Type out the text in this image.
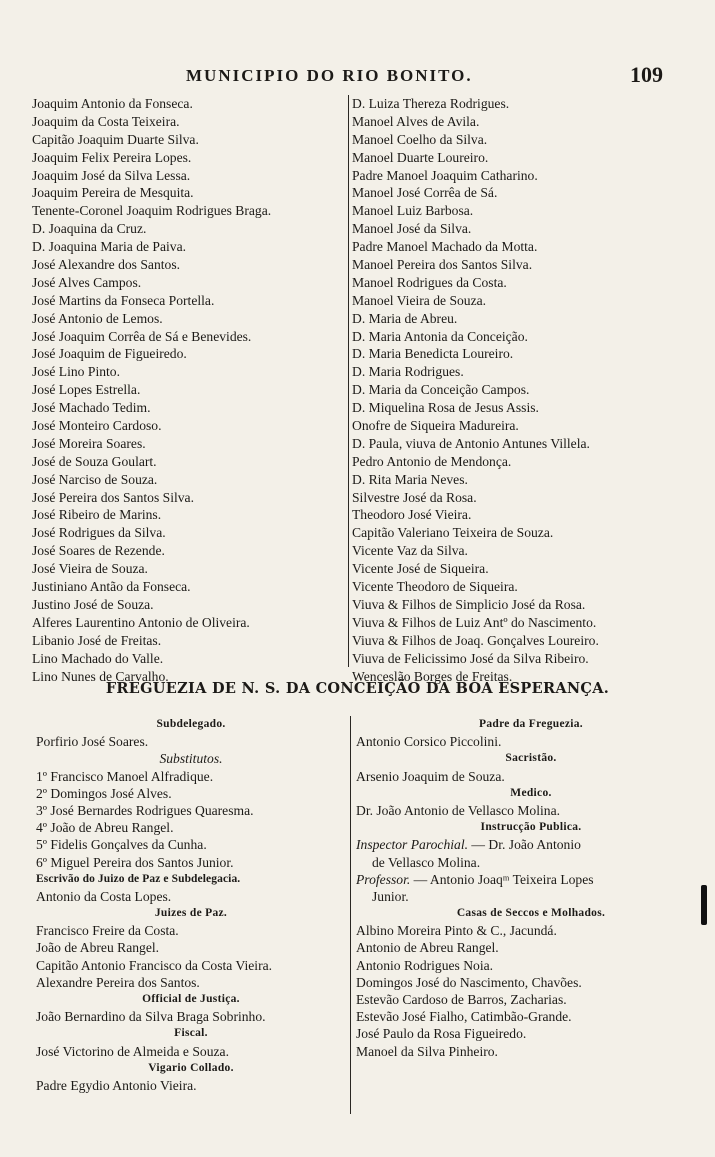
MUNICIPIO DO RIO BONITO.	109
Joaquim Antonio da Fonseca.
Joaquim da Costa Teixeira.
Capitão Joaquim Duarte Silva.
Joaquim Felix Pereira Lopes.
Joaquim José da Silva Lessa.
Joaquim Pereira de Mesquita.
Tenente-Coronel Joaquim Rodrigues Braga.
D. Joaquina da Cruz.
D. Joaquina Maria de Paiva.
José Alexandre dos Santos.
José Alves Campos.
José Martins da Fonseca Portella.
José Antonio de Lemos.
José Joaquim Corrêa de Sá e Benevides.
José Joaquim de Figueiredo.
José Lino Pinto.
José Lopes Estrella.
José Machado Tedim.
José Monteiro Cardoso.
José Moreira Soares.
José de Souza Goulart.
José Narciso de Souza.
José Pereira dos Santos Silva.
José Ribeiro de Marins.
José Rodrigues da Silva.
José Soares de Rezende.
José Vieira de Souza.
Justiniano Antão da Fonseca.
Justino José de Souza.
Alferes Laurentino Antonio de Oliveira.
Libanio José de Freitas.
Lino Machado do Valle.
Lino Nunes de Carvalho.
D. Luiza Thereza Rodrigues.
Manoel Alves de Avila.
Manoel Coelho da Silva.
Manoel Duarte Loureiro.
Padre Manoel Joaquim Catharino.
Manoel José Corrêa de Sá.
Manoel Luiz Barbosa.
Manoel José da Silva.
Padre Manoel Machado da Motta.
Manoel Pereira dos Santos Silva.
Manoel Rodrigues da Costa.
Manoel Vieira de Souza.
D. Maria de Abreu.
D. Maria Antonia da Conceição.
D. Maria Benedicta Loureiro.
D. Maria Rodrigues.
D. Maria da Conceição Campos.
D. Miquelina Rosa de Jesus Assis.
Onofre de Siqueira Madureira.
D. Paula, viuva de Antonio Antunes Villela.
Pedro Antonio de Mendonça.
D. Rita Maria Neves.
Silvestre José da Rosa.
Theodoro José Vieira.
Capitão Valeriano Teixeira de Souza.
Vicente Vaz da Silva.
Vicente José de Siqueira.
Vicente Theodoro de Siqueira.
Viuva & Filhos de Simplicio José da Rosa.
Viuva & Filhos de Luiz Antº do Nascimento.
Viuva & Filhos de Joaq. Gonçalves Loureiro.
Viuva de Felicissimo José da Silva Ribeiro.
Wenceslão Borges de Freitas.
FREGUEZIA DE N. S. DA CONCEIÇÃO DA BOA ESPERANÇA.
Subdelegado.
Porfirio José Soares.
Substitutos.
1º Francisco Manoel Alfradique.
2º Domingos José Alves.
3º José Bernardes Rodrigues Quaresma.
4º João de Abreu Rangel.
5º Fidelis Gonçalves da Cunha.
6º Miguel Pereira dos Santos Junior.
Escrivão do Juizo de Paz e Subdelegacia.
Antonio da Costa Lopes.
Juizes de Paz.
Francisco Freire da Costa.
João de Abreu Rangel.
Capitão Antonio Francisco da Costa Vieira.
Alexandre Pereira dos Santos.
Official de Justiça.
João Bernardino da Silva Braga Sobrinho.
Fiscal.
José Victorino de Almeida e Souza.
Vigario Collado.
Padre Egydio Antonio Vieira.
Padre da Freguezia.
Antonio Corsico Piccolini.
Sacristão.
Arsenio Joaquim de Souza.
Medico.
Dr. João Antonio de Vellasco Molina.
Instrucção Publica.
Inspector Parochial. — Dr. João Antonio
de Vellasco Molina.
Professor. — Antonio Joaqᵐ Teixeira Lopes
Junior.
Casas de Seccos e Molhados.
Albino Moreira Pinto & C., Jacundá.
Antonio de Abreu Rangel.
Antonio Rodrigues Noia.
Domingos José do Nascimento, Chavões.
Estevão Cardoso de Barros, Zacharias.
Estevão José Fialho, Catimbão-Grande.
José Paulo da Rosa Figueiredo.
Manoel da Silva Pinheiro.
